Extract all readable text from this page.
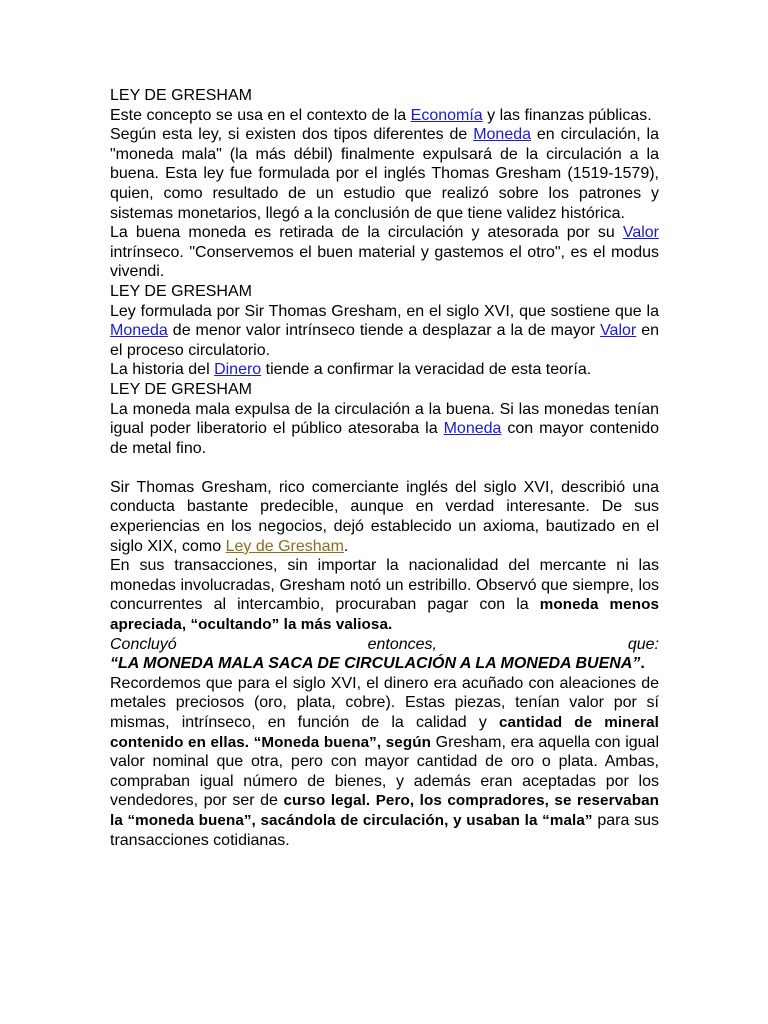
LEY DE GRESHAM

Este concepto se usa en el contexto de la Economía y las finanzas públicas.

Según esta ley, si existen dos tipos diferentes de Moneda en circulación, la "moneda mala" (la más débil) finalmente expulsará de la circulación a la buena. Esta ley fue formulada por el inglés Thomas Gresham (1519-1579), quien, como resultado de un estudio que realizó sobre los patrones y sistemas monetarios, llegó a la conclusión de que tiene validez histórica.

La buena moneda es retirada de la circulación y atesorada por su Valor intrínseco. "Conservemos el buen material y gastemos el otro", es el modus vivendi.

LEY DE GRESHAM

Ley formulada por Sir Thomas Gresham, en el siglo XVI, que sostiene que la Moneda de menor valor intrínseco tiende a desplazar a la de mayor Valor en el proceso circulatorio.

La historia del Dinero tiende a confirmar la veracidad de esta teoría.

LEY DE GRESHAM

La moneda mala expulsa de la circulación a la buena. Si las monedas tenían igual poder liberatorio el público atesoraba la Moneda con mayor contenido de metal fino.

Sir Thomas Gresham, rico comerciante inglés del siglo XVI, describió una conducta bastante predecible, aunque en verdad interesante. De sus experiencias en los negocios, dejó establecido un axioma, bautizado en el siglo XIX, como Ley de Gresham.

En sus transacciones, sin importar la nacionalidad del mercante ni las monedas involucradas, Gresham notó un estribillo. Observó que siempre, los concurrentes al intercambio, procuraban pagar con la moneda menos apreciada, “ocultando” la más valiosa.

Concluyó	entonces,	que:

“LA MONEDA MALA SACA DE CIRCULACIÓN A LA MONEDA BUENA”.

Recordemos que para el siglo XVI, el dinero era acuñado con aleaciones de metales preciosos (oro, plata, cobre). Estas piezas, tenían valor por sí mismas, intrínseco, en función de la calidad y cantidad de mineral contenido en ellas. “Moneda buena”, según Gresham, era aquella con igual valor nominal que otra, pero con mayor cantidad de oro o plata. Ambas, compraban igual número de bienes, y además eran aceptadas por los vendedores, por ser de curso legal. Pero, los compradores, se reservaban la “moneda buena”, sacándola de circulación, y usaban la “mala” para sus transacciones cotidianas.
